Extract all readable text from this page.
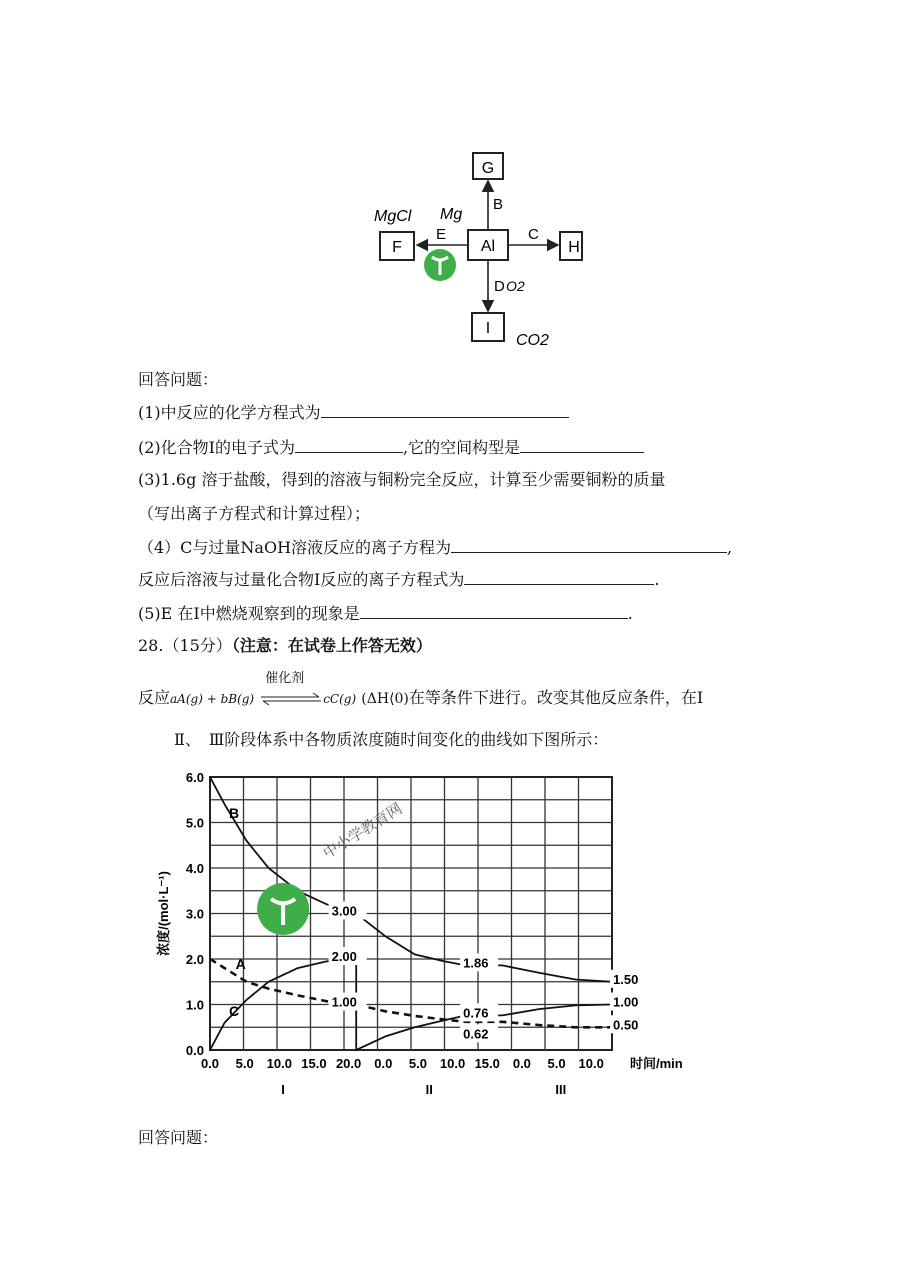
G
Al
F	H
I
B
E	C
D
MgCl Mg
O2
CO2
回答问题：
(1)中反应的化学方程式为
(2)化合物Ⅰ的电子式为	,它的空间构型是
(3)1.6g 溶于盐酸，得到的溶液与铜粉完全反应，计算至少需要铜粉的质量
（写出离子方程式和计算过程）；
（4）C与过量NaOH溶液反应的离子方程为	,
反应后溶液与过量化合物Ⅰ反应的离子方程式为	.
(5)E 在Ⅰ中燃烧观察到的现象是	.
28.（15分）（注意：在试卷上作答无效）
反应aA(g) + bB(g)
催化剂
cC(g) (ΔH⟨0)在等条件下进行。改变其他反应条件，在Ⅰ
Ⅱ、　Ⅲ阶段体系中各物质浓度随时间变化的曲线如下图所示：
0.0
1.0
2.0
3.0
4.0
5.0
6.0
0.0 5.0 10.0 15.0 20.0 0.0 5.0 10.0 15.0 0.0 5.0 10.0 时间/min
浓度/(mol·L⁻¹)
I	II	III
A
B
C
3.00
2.00
1.00
1.86
0.76
0.62
1.50
1.00
0.50
中小学教育网
回答问题：
